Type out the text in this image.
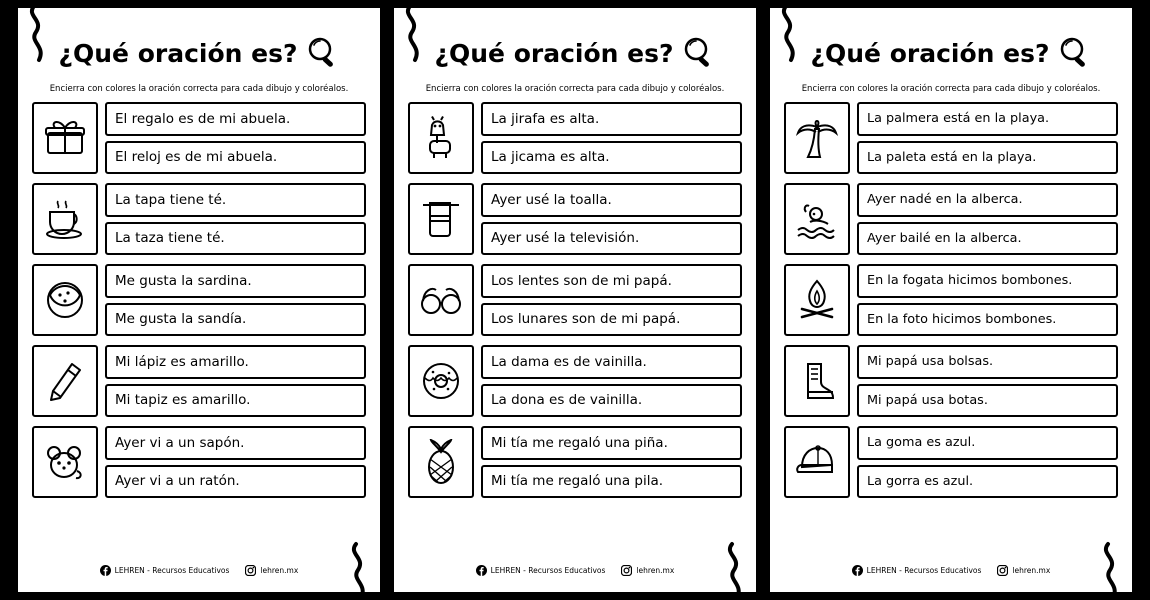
¿Qué oración es?
Encierra con colores la oración correcta para cada dibujo y coloréalos.
El regalo es de mi abuela.
El reloj es de mi abuela.
La tapa tiene té.
La taza tiene té.
Me gusta la sardina.
Me gusta la sandía.
Mi lápiz es amarillo.
Mi tapiz es amarillo.
Ayer vi a un sapón.
Ayer vi a un ratón.
LEHREN - Recursos Educativos	lehren.mx
¿Qué oración es?
Encierra con colores la oración correcta para cada dibujo y coloréalos.
La jirafa es alta.
La jicama es alta.
Ayer usé la toalla.
Ayer usé la televisión.
Los lentes son de mi papá.
Los lunares son de mi papá.
La dama es de vainilla.
La dona es de vainilla.
Mi tía me regaló una piña.
Mi tía me regaló una pila.
LEHREN - Recursos Educativos	lehren.mx
¿Qué oración es?
Encierra con colores la oración correcta para cada dibujo y coloréalos.
La palmera está en la playa.
La paleta está en la playa.
Ayer nadé en la alberca.
Ayer bailé en la alberca.
En la fogata hicimos bombones.
En la foto hicimos bombones.
Mi papá usa bolsas.
Mi papá usa botas.
La goma es azul.
La gorra es azul.
LEHREN - Recursos Educativos	lehren.mx
